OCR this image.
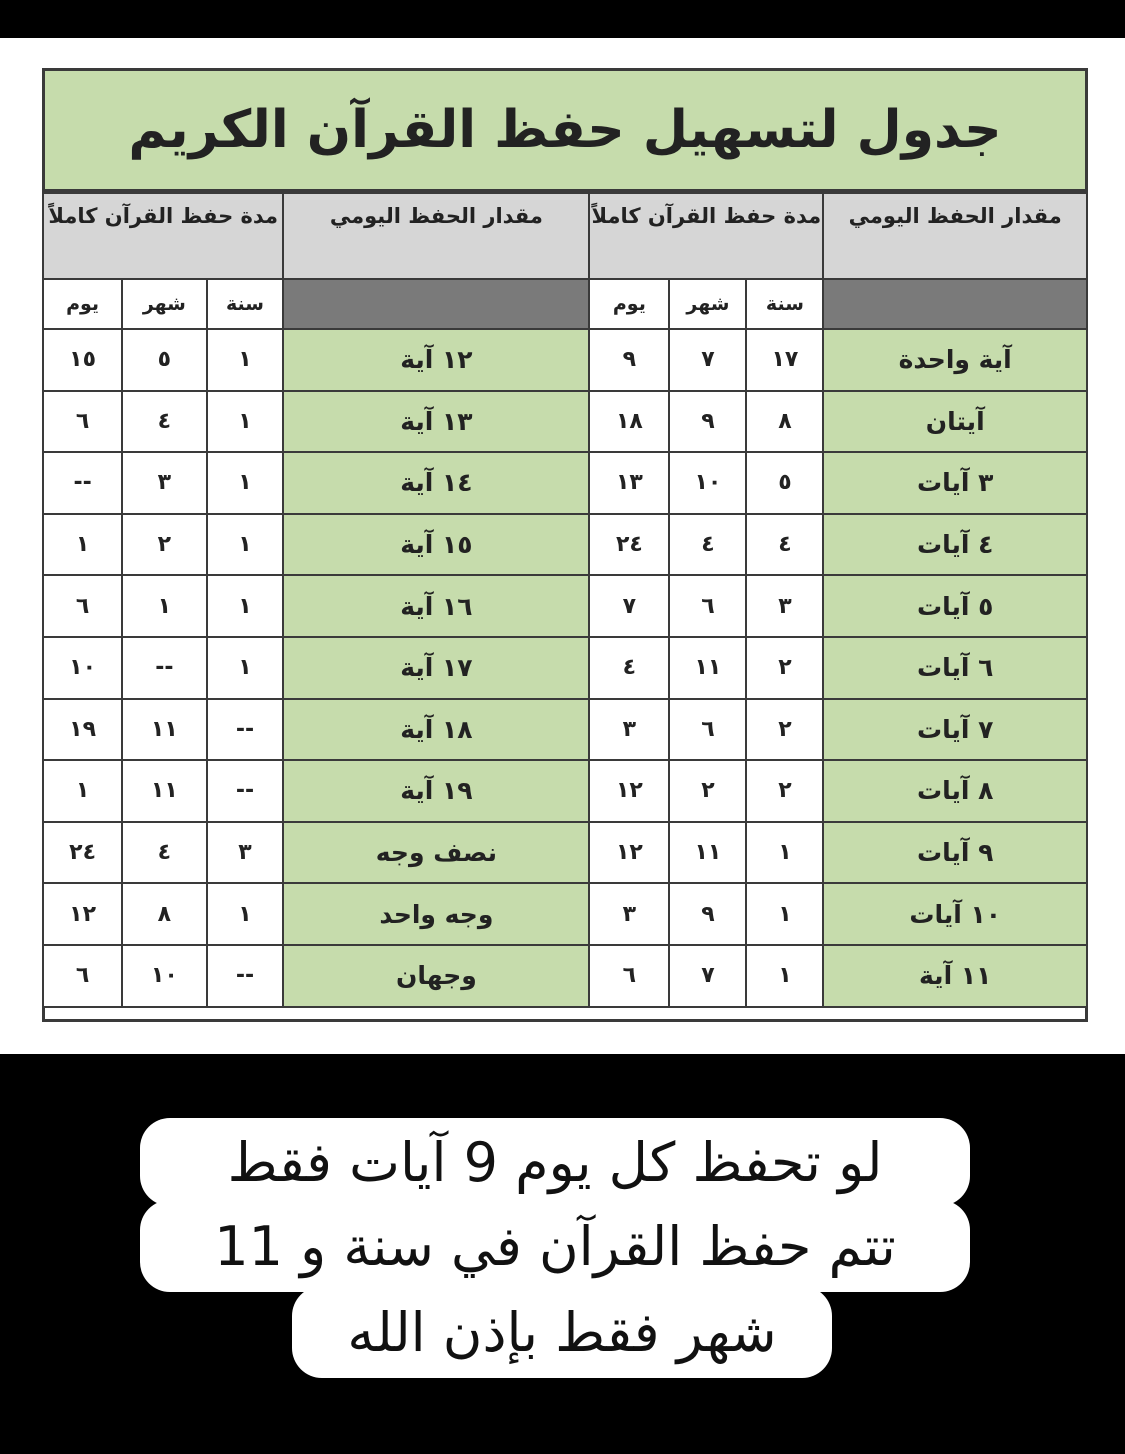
جدول لتسهيل حفظ القرآن الكريم
مقدار الحفظ اليومي	مدة حفظ القرآن كاملاً			مقدار الحفظ اليومي	مدة حفظ القرآن كاملاً		
	سنة	شهر	يوم		سنة	شهر	يوم
آية واحدة	١٧	٧	٩	١٢ آية	١	٥	١٥
آيتان	٨	٩	١٨	١٣ آية	١	٤	٦
٣ آيات	٥	١٠	١٣	١٤ آية	١	٣	--
٤ آيات	٤	٤	٢٤	١٥ آية	١	٢	١
٥ آيات	٣	٦	٧	١٦ آية	١	١	٦
٦ آيات	٢	١١	٤	١٧ آية	١	--	١٠
٧ آيات	٢	٦	٣	١٨ آية	--	١١	١٩
٨ آيات	٢	٢	١٢	١٩ آية	--	١١	١
٩ آيات	١	١١	١٢	نصف وجه	٣	٤	٢٤
١٠ آيات	١	٩	٣	وجه واحد	١	٨	١٢
١١ آية	١	٧	٦	وجهان	--	١٠	٦
لو تحفظ كل يوم 9 آيات فقط
تتم حفظ القرآن في سنة و 11
شهر فقط بإذن الله
